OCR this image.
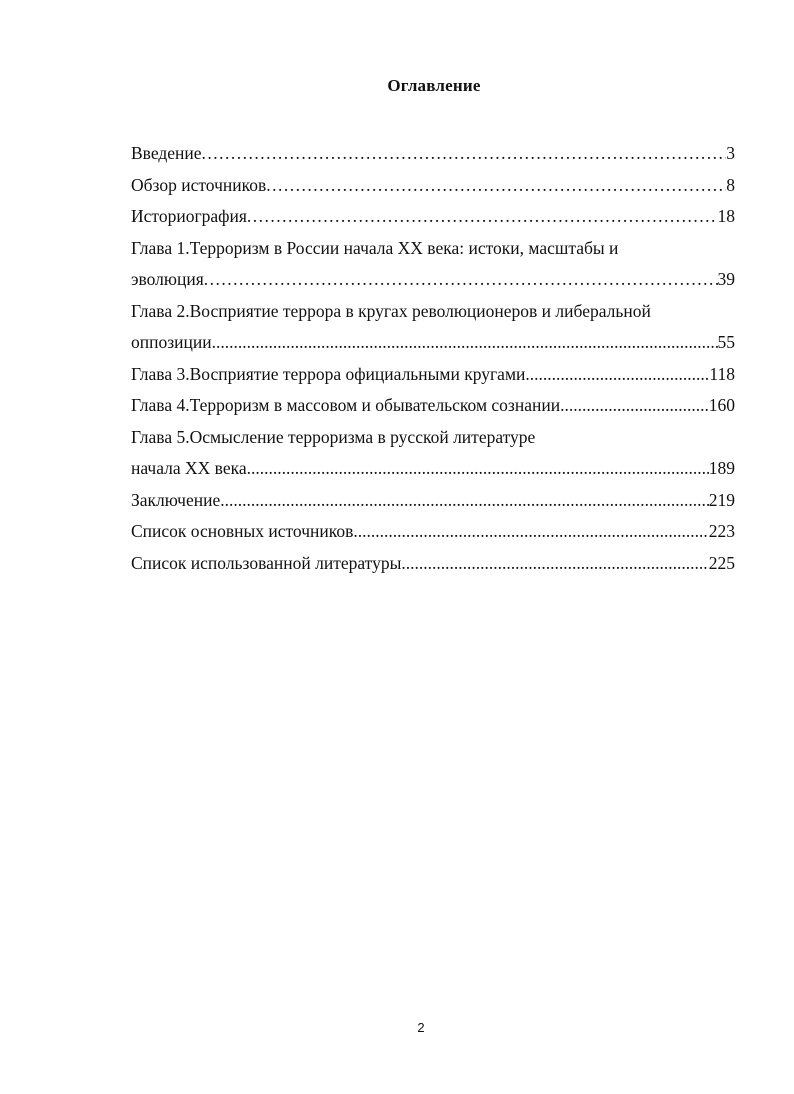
Оглавление
Введение .....	3
Обзор источников .....	8
Историография .....	18
Глава 1.Терроризм в России начала XX века: истоки, масштабы и
эволюция .....	39
Глава 2.Восприятие террора в кругах революционеров и либеральной
оппозиции .....	55
Глава 3.Восприятие террора официальными кругами .....	118
Глава 4.Терроризм в массовом и обывательском сознании .....	160
Глава 5.Осмысление терроризма в русской литературе
начала XX века .....	189
Заключение .....	219
Список основных источников .....	223
Список использованной литературы .....	225
2
